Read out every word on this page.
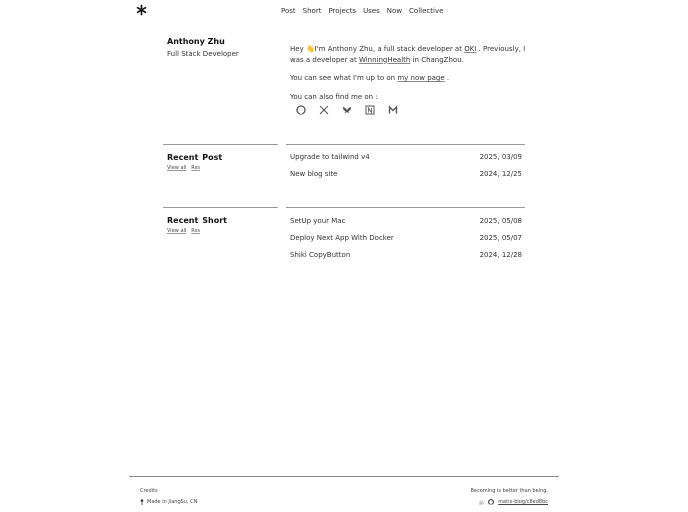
Post Short Projects Uses Now Collective
Anthony Zhu
Full Stack Developer

Hey 👋I'm Anthony Zhu, a full stack developer at OKI . Previously, I was a developer at WinningHealth in ChangZhou.

You can see what I'm up to on my now page .

You can also find me on :

Recent Post
View all Rss
Upgrade to tailwind v4	2025, 03/09
New blog site	2024, 12/25
Recent Short
View all Rss
SetUp your Mac	2025, 05/08
Deploy Next App With Docker	2025, 05/07
Shiki CopyButton	2024, 12/28
Credits
Made in JiangSu, CN
Becoming is better than being.
matix-blog/c8ed8bc
